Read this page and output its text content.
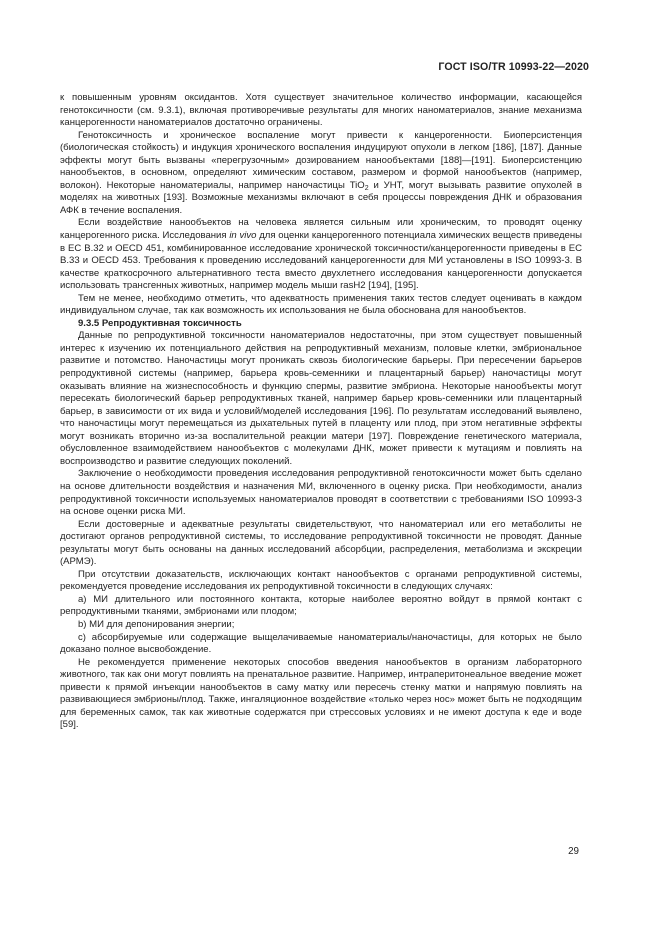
ГОСТ ISO/TR 10993-22—2020

к повышенным уровням оксидантов. Хотя существует значительное количество информации, касающейся генотоксичности (см. 9.3.1), включая противоречивые результаты для многих наноматериалов, знание механизма канцерогенности наноматериалов достаточно ограничены.

Генотоксичность и хроническое воспаление могут привести к канцерогенности. Биоперсистенция (биологическая стойкость) и индукция хронического воспаления индуцируют опухоли в легком [186], [187]. Данные эффекты могут быть вызваны «перегрузочным» дозированием нанообъектами [188]—[191]. Биоперсистенцию нанообъектов, в основном, определяют химическим составом, размером и формой нанообъектов (например, волокон). Некоторые наноматериалы, например наночастицы TiO$_2$ и УНТ, могут вызывать развитие опухолей в моделях на животных [193]. Возможные механизмы включают в себя процессы повреждения ДНК и образования АФК в течение воспаления.

Если воздействие нанообъектов на человека является сильным или хроническим, то проводят оценку канцерогенного риска. Исследования in vivo для оценки канцерогенного потенциала химических веществ приведены в EC B.32 и OECD 451, комбинированное исследование хронической токсичности/канцерогенности приведены в EC B.33 и OECD 453. Требования к проведению исследований канцерогенности для МИ установлены в ISO 10993-3. В качестве краткосрочного альтернативного теста вместо двухлетнего исследования канцерогенности допускается использовать трансгенных животных, например модель мыши rasH2 [194], [195].

Тем не менее, необходимо отметить, что адекватность применения таких тестов следует оценивать в каждом индивидуальном случае, так как возможность их использования не была обоснована для нанообъектов.

9.3.5 Репродуктивная токсичность

Данные по репродуктивной токсичности наноматериалов недостаточны, при этом существует повышенный интерес к изучению их потенциального действия на репродуктивный механизм, половые клетки, эмбриональное развитие и потомство. Наночастицы могут проникать сквозь биологические барьеры. При пересечении барьеров репродуктивной системы (например, барьера кровь-семенники и плацентарный барьер) наночастицы могут оказывать влияние на жизнеспособность и функцию спермы, развитие эмбриона. Некоторые нанообъекты могут пересекать биологический барьер репродуктивных тканей, например барьер кровь-семенники или плацентарный барьер, в зависимости от их вида и условий/моделей исследования [196]. По результатам исследований выявлено, что наночастицы могут перемещаться из дыхательных путей в плаценту или плод, при этом негативные эффекты могут возникать вторично из-за воспалительной реакции матери [197]. Повреждение генетического материала, обусловленное взаимодействием нанообъектов с молекулами ДНК, может привести к мутациям и повлиять на воспроизводство и развитие следующих поколений.

Заключение о необходимости проведения исследования репродуктивной генотоксичности может быть сделано на основе длительности воздействия и назначения МИ, включенного в оценку риска. При необходимости, анализ репродуктивной токсичности используемых наноматериалов проводят в соответствии с требованиями ISO 10993-3 на основе оценки риска МИ.

Если достоверные и адекватные результаты свидетельствуют, что наноматериал или его метаболиты не достигают органов репродуктивной системы, то исследование репродуктивной токсичности не проводят. Данные результаты могут быть основаны на данных исследований абсорбции, распределения, метаболизма и экскреции (АРМЭ).

При отсутствии доказательств, исключающих контакт нанообъектов с органами репродуктивной системы, рекомендуется проведение исследования их репродуктивной токсичности в следующих случаях:

а) МИ длительного или постоянного контакта, которые наиболее вероятно войдут в прямой контакт с репродуктивными тканями, эмбрионами или плодом;

b) МИ для депонирования энергии;

c) абсорбируемые или содержащие выщелачиваемые наноматериалы/наночастицы, для которых не было доказано полное высвобождение.

Не рекомендуется применение некоторых способов введения нанообъектов в организм лабораторного животного, так как они могут повлиять на пренатальное развитие. Например, интраперитонеальное введение может привести к прямой инъекции нанообъектов в саму матку или пересечь стенку матки и напрямую повлиять на развивающиеся эмбрионы/плод. Также, ингаляционное воздействие «только через нос» может быть не подходящим для беременных самок, так как животные содержатся при стрессовых условиях и не имеют доступа к еде и воде [59].

29
